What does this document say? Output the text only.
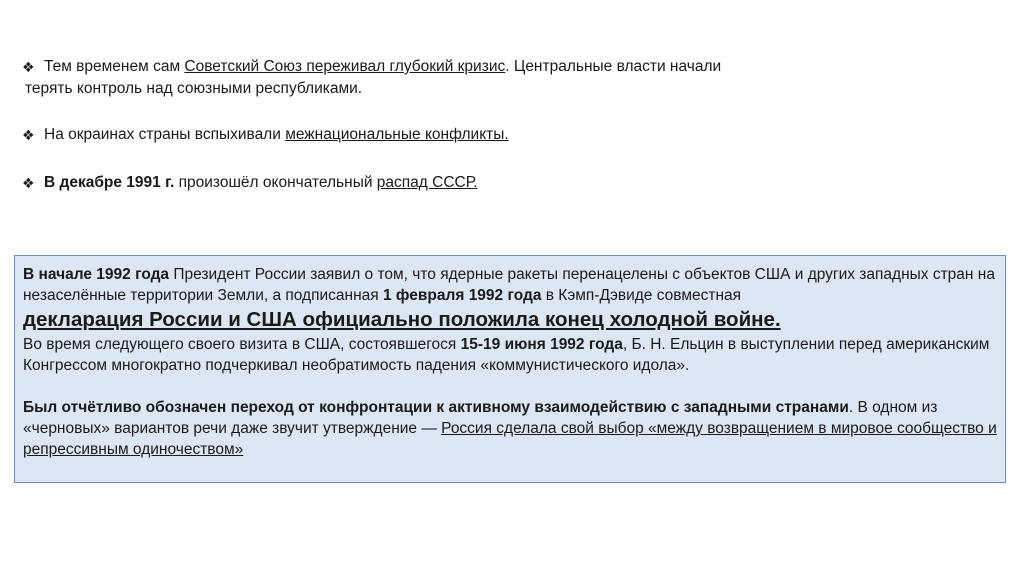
❖ Тем временем сам Советский Союз переживал глубокий кризис. Центральные власти начали
терять контроль над союзными республиками.
❖ На окраинах страны вспыхивали межнациональные конфликты.
❖ В декабре 1991 г. произошёл окончательный распад СССР.

В начале 1992 года Президент России заявил о том, что ядерные ракеты перенацелены с объектов США и других западных стран на незаселённые территории Земли, а подписанная 1 февраля 1992 года в Кэмп-Дэвиде совместная

декларация России и США официально положила конец холодной войне.

Во время следующего своего визита в США, состоявшегося 15-19 июня 1992 года, Б. Н. Ельцин в выступлении перед американским Конгрессом многократно подчеркивал необратимость падения «коммунистического идола».

Был отчётливо обозначен переход от конфронтации к активному взаимодействию с западными странами. В одном из «черновых» вариантов речи даже звучит утверждение — Россия сделала свой выбор «между возвращением в мировое сообщество и репрессивным одиночеством»
